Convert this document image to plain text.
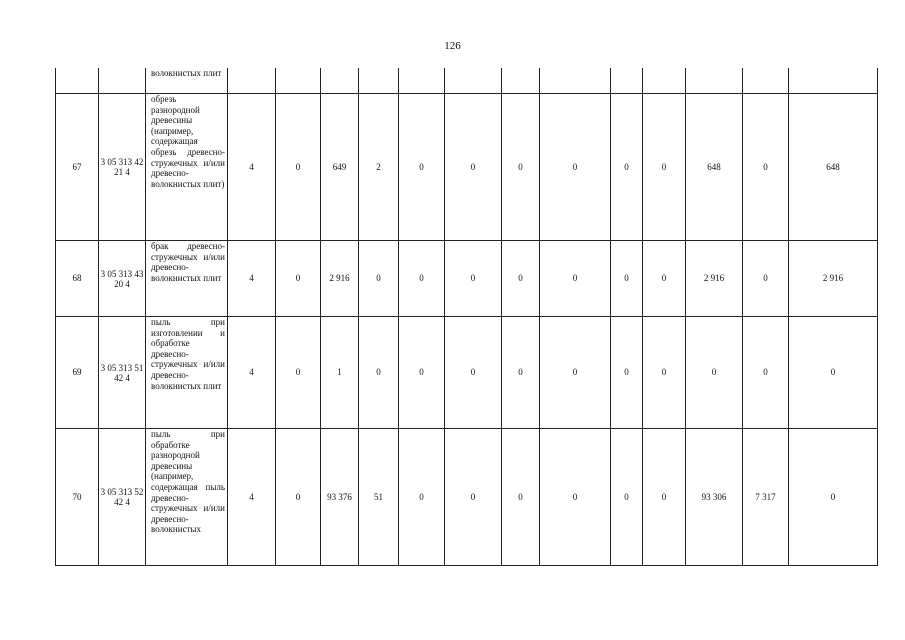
126
		волокнистых плит														
67	3 05 313 42 21 4	обрезь разнородной древесины (например, содержащая обрезь древесно-стружечных и/или древесно-волокнистых плит)	4	0	649	2	0	0	0	0	0	0	648	0	648	
68	3 05 313 43 20 4	брак древесно-стружечных и/или древесно-волокнистых плит	4	0	2 916	0	0	0	0	0	0	0	2 916	0	2 916	
69	3 05 313 51 42 4	пыль при изготовлении и обработке древесно-стружечных и/или древесно-волокнистых плит	4	0	1	0	0	0	0	0	0	0	0	0	0	
70	3 05 313 52 42 4	пыль при обработке разнородной древесины (например, содержащая пыль древесно-стружечных и/или древесно-волокнистых	4	0	93 376	51	0	0	0	0	0	0	93 306	7 317	0	
